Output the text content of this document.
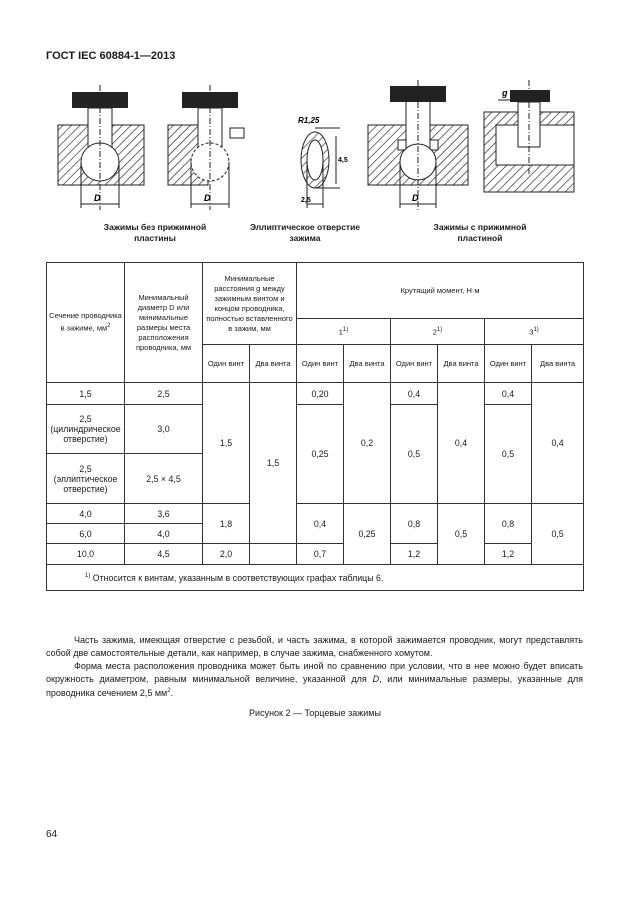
ГОСТ IEC 60884-1—2013
D	D
4,5
R1,25
2,5	D
g
Зажимы без прижимной пластины
Эллиптическое отверстие зажима
Зажимы с прижимной пластиной
Сечение проводника в зажиме, $мм^2$	Минимальный диаметр D или минимальные размеры места расположения проводника, мм	Минимальные расстояния g между зажимным винтом и концом проводника, полностью вставленного в зажим, мм		Крутящий момент, Н·м					
				1$^{1)}$		2$^{1)}$		3$^{1)}$
		Один винт	Два винта	Один винт	Два винта	Один винт	Два винта	Один винт	Два винта
1,5	2,5	1,5	1,5	0,20	0,2	0,4	0,4	0,4	0,4
2,5 (цилиндрическое отверстие)	3,0			0,25		0,5		0,5	
2,5 (эллиптическое отверстие)	2,5 × 4,5								
4,0	3,6	1,8		0,4	0,25	0,8	0,5	0,8	0,5
6,0	4,0								
10,0	4,5	2,0		0,7		1,2		1,2	
$^{1)}$ Относится к винтам, указанным в соответствующих графах таблицы 6.									
Часть зажима, имеющая отверстие с резьбой, и часть зажима, в которой зажимается проводник, могут представлять собой две самостоятельные детали, как например, в случае зажима, снабженного хомутом.
Форма места расположения проводника может быть иной по сравнению при условии, что в нее можно будет вписать окружность диаметром, равным минимальной величине, указанной для D, или минимальные размеры, указанные для проводника сечением 2,5 $мм^2$.
Рисунок 2 — Торцевые зажимы
64
